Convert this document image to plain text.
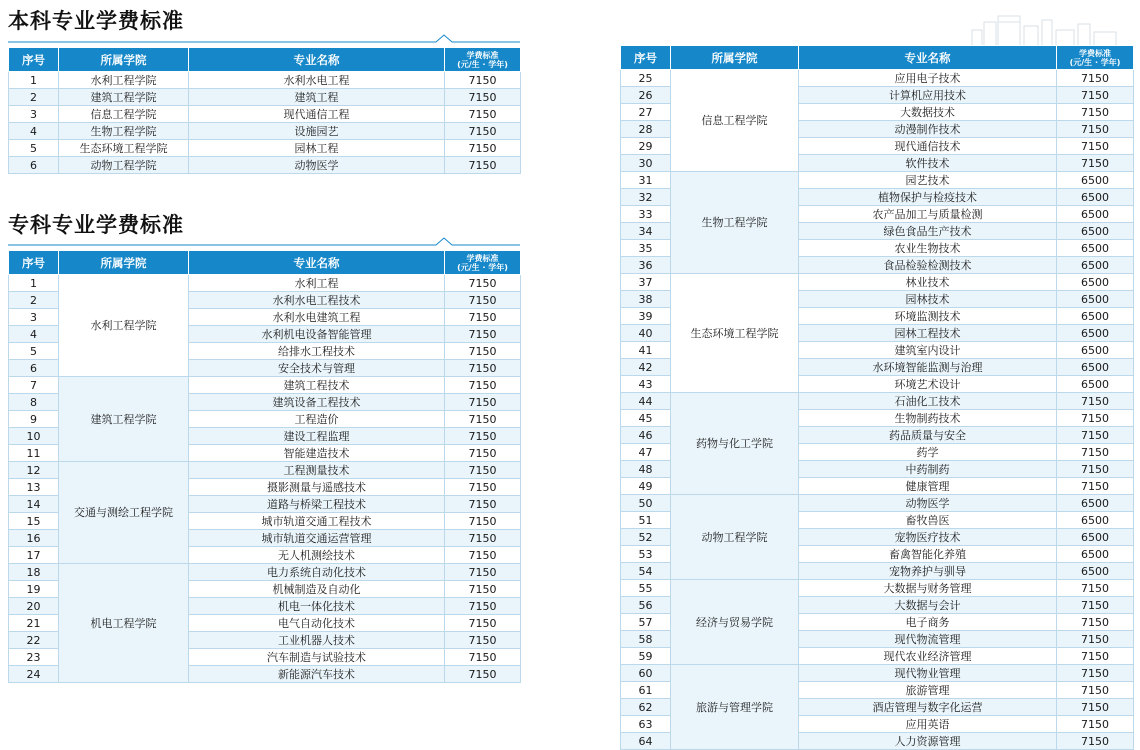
本科专业学费标准
序号	所属学院	专业名称	学费标准
(元/生 · 学年)

1	水利工程学院	水利水电工程	7150
2	建筑工程学院	建筑工程	7150
3	信息工程学院	现代通信工程	7150
4	生物工程学院	设施园艺	7150
5	生态环境工程学院	园林工程	7150
6	动物工程学院	动物医学	7150
专科专业学费标准
序号	所属学院	专业名称	学费标准
(元/生 · 学年)

1	水利工程学院	水利工程	7150
2		水利水电工程技术	7150
3		水利水电建筑工程	7150
4		水利机电设备智能管理	7150
5		给排水工程技术	7150
6		安全技术与管理	7150
7	建筑工程学院	建筑工程技术	7150
8		建筑设备工程技术	7150
9		工程造价	7150
10		建设工程监理	7150
11		智能建造技术	7150
12	交通与测绘工程学院	工程测量技术	7150
13		摄影测量与遥感技术	7150
14		道路与桥梁工程技术	7150
15		城市轨道交通工程技术	7150
16		城市轨道交通运营管理	7150
17		无人机测绘技术	7150
18	机电工程学院	电力系统自动化技术	7150
19		机械制造及自动化	7150
20		机电一体化技术	7150
21		电气自动化技术	7150
22		工业机器人技术	7150
23		汽车制造与试验技术	7150
24		新能源汽车技术	7150
序号	所属学院	专业名称	学费标准
(元/生 · 学年)

25	信息工程学院	应用电子技术	7150
26		计算机应用技术	7150
27		大数据技术	7150
28		动漫制作技术	7150
29		现代通信技术	7150
30		软件技术	7150
31	生物工程学院	园艺技术	6500
32		植物保护与检疫技术	6500
33		农产品加工与质量检测	6500
34		绿色食品生产技术	6500
35		农业生物技术	6500
36		食品检验检测技术	6500
37	生态环境工程学院	林业技术	6500
38		园林技术	6500
39		环境监测技术	6500
40		园林工程技术	6500
41		建筑室内设计	6500
42		水环境智能监测与治理	6500
43		环境艺术设计	6500
44	药物与化工学院	石油化工技术	7150
45		生物制药技术	7150
46		药品质量与安全	7150
47		药学	7150
48		中药制药	7150
49		健康管理	7150
50	动物工程学院	动物医学	6500
51		畜牧兽医	6500
52		宠物医疗技术	6500
53		畜禽智能化养殖	6500
54		宠物养护与驯导	6500
55	经济与贸易学院	大数据与财务管理	7150
56		大数据与会计	7150
57		电子商务	7150
58		现代物流管理	7150
59		现代农业经济管理	7150
60	旅游与管理学院	现代物业管理	7150
61		旅游管理	7150
62		酒店管理与数字化运营	7150
63		应用英语	7150
64		人力资源管理	7150
